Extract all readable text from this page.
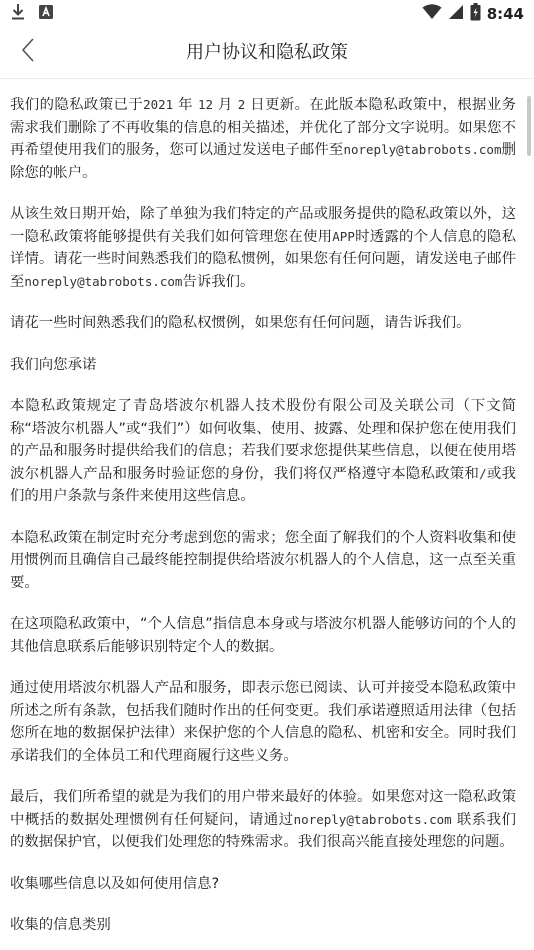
8:44
用户协议和隐私政策

我们的隐私政策已于2021 年 12 月 2 日更新。在此版本隐私政策中，根据业务需求我们删除了不再收集的信息的相关描述，并优化了部分文字说明。如果您不再希望使用我们的服务，您可以通过发送电子邮件至noreply@tabrobots.com删除您的帐户。

从该生效日期开始，除了单独为我们特定的产品或服务提供的隐私政策以外，这一隐私政策将能够提供有关我们如何管理您在使用APP时透露的个人信息的隐私详情。请花一些时间熟悉我们的隐私惯例，如果您有任何问题，请发送电子邮件至noreply@tabrobots.com告诉我们。

请花一些时间熟悉我们的隐私权惯例，如果您有任何问题，请告诉我们。

我们向您承诺

本隐私政策规定了青岛塔波尔机器人技术股份有限公司及关联公司（下文简称“塔波尔机器人”或“我们”）如何收集、使用、披露、处理和保护您在使用我们的产品和服务时提供给我们的信息；若我们要求您提供某些信息，以便在使用塔波尔机器人产品和服务时验证您的身份，我们将仅严格遵守本隐私政策和/或我们的用户条款与条件来使用这些信息。

本隐私政策在制定时充分考虑到您的需求；您全面了解我们的个人资料收集和使用惯例而且确信自己最终能控制提供给塔波尔机器人的个人信息，这一点至关重要。

在这项隐私政策中，“个人信息”指信息本身或与塔波尔机器人能够访问的个人的其他信息联系后能够识别特定个人的数据。

通过使用塔波尔机器人产品和服务，即表示您已阅读、认可并接受本隐私政策中所述之所有条款，包括我们随时作出的任何变更。我们承诺遵照适用法律（包括您所在地的数据保护法律）来保护您的个人信息的隐私、机密和安全。同时我们承诺我们的全体员工和代理商履行这些义务。

最后，我们所希望的就是为我们的用户带来最好的体验。如果您对这一隐私政策中概括的数据处理惯例有任何疑问，请通过noreply@tabrobots.com 联系我们的数据保护官，以便我们处理您的特殊需求。我们很高兴能直接处理您的问题。

收集哪些信息以及如何使用信息?

收集的信息类别
